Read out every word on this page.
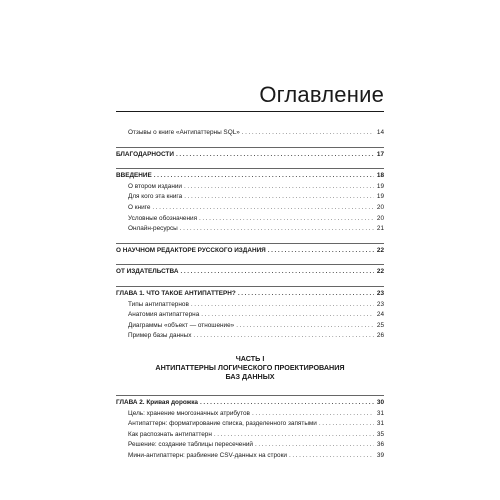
Оглавление
Отзывы о книге «Антипаттерны SQL» .....	14
БЛАГОДАРНОСТИ .....	17
ВВЕДЕНИЕ .....	18
О втором издании .....	19
Для кого эта книга .....	19
О книге .....	20
Условные обозначения .....	20
Онлайн-ресурсы .....	21
О НАУЧНОМ РЕДАКТОРЕ РУССКОГО ИЗДАНИЯ .....	22
ОТ ИЗДАТЕЛЬСТВА .....	22
ГЛАВА 1. ЧТО ТАКОЕ АНТИПАТТЕРН? .....	23
Типы антипаттернов .....	23
Анатомия антипаттерна .....	24
Диаграммы «объект — отношение» .....	25
Пример базы данных .....	26
ЧАСТЬ I
АНТИПАТТЕРНЫ ЛОГИЧЕСКОГО ПРОЕКТИРОВАНИЯ
БАЗ ДАННЫХ
ГЛАВА 2. Кривая дорожка .....	30
Цель: хранение многозначных атрибутов .....	31
Антипаттерн: форматирование списка, разделенного запятыми .....	31
Как распознать антипаттерн .....	35
Решение: создание таблицы пересечений .....	36
Мини-антипаттерн: разбиение CSV-данных на строки .....	39
